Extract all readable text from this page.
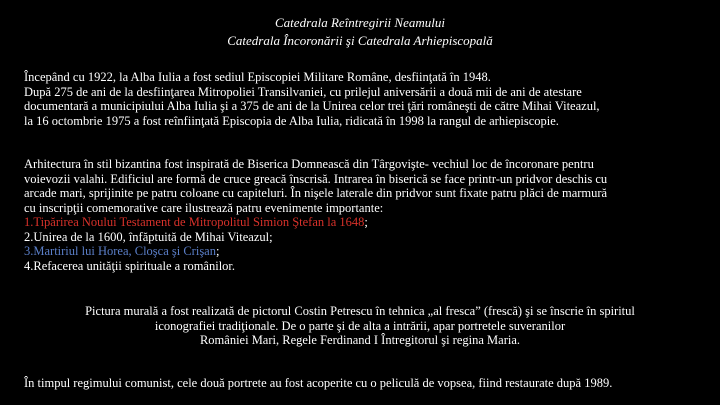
Catedrala Reîntregirii Neamului
Catedrala Încoronării şi Catedrala Arhiepiscopală
Începând cu 1922, la Alba Iulia a fost sediul Episcopiei Militare Române, desfiinţată în 1948.
După 275 de ani de la desfiinţarea Mitropoliei Transilvaniei, cu prilejul aniversării a două mii de ani de atestare
documentară a municipiului Alba Iulia şi a 375 de ani de la Unirea celor trei ţări româneşti de către Mihai Viteazul,
la 16 octombrie 1975 a fost reînfiinţată Episcopia de Alba Iulia, ridicată în 1998 la rangul de arhiepiscopie.
Arhitectura în stil bizantina fost inspirată de Biserica Domnească din Târgovişte- vechiul loc de încoronare pentru
voievozii valahi. Edificiul are formă de cruce greacă înscrisă. Intrarea în biserică se face printr-un pridvor deschis cu
arcade mari, sprijinite pe patru coloane cu capiteluri. În nişele laterale din pridvor sunt fixate patru plăci de marmură
cu inscripţii comemorative care ilustrează patru evenimente importante:
1.Tipărirea Noului Testament de Mitropolitul Simion Ştefan la 1648;
2.Unirea de la 1600, înfăptuită de Mihai Viteazul;
3.Martiriul lui Horea, Cloşca şi Crişan;
4.Refacerea unităţii spirituale a românilor.
Pictura murală a fost realizată de pictorul Costin Petrescu în tehnica „al fresca” (frescă) şi se înscrie în spiritul
iconografiei tradiţionale. De o parte şi de alta a intrării, apar portretele suveranilor
României Mari, Regele Ferdinand I Întregitorul şi regina Maria.
În timpul regimului comunist, cele două portrete au fost acoperite cu o peliculă de vopsea, fiind restaurate după 1989.
